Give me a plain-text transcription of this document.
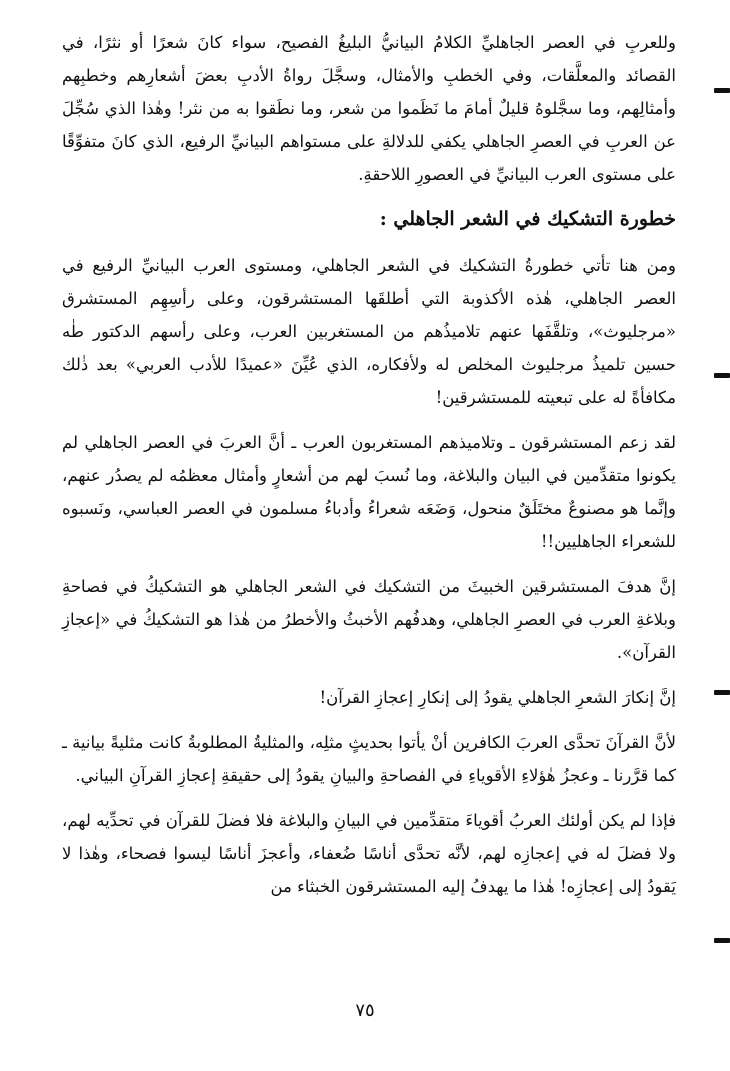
وللعربِ في العصر الجاهليِّ الكلامُ البيانيُّ البليغُ الفصيح، سواء كانَ شعرًا أو نثرًا، في القصائد والمعلَّقات، وفي الخطبِ والأمثال، وسجَّلَ رواةُ الأدبِ بعضَ أشعارِهم وخطبِهم وأمثالِهم، وما سجَّلوهُ قليلٌ أمامَ ما نَظَموا من شعر، وما نطَقوا به من نثر! وهٰذا الذي سُجِّلَ عن العربِ في العصرِ الجاهلي يكفي للدلالةِ على مستواهم البيانيِّ الرفيع، الذي كانَ متفوِّقًا على مستوى العرب البيانيِّ في العصورِ اللاحقةِ.

خطورة التشكيك في الشعر الجاهلي :

ومن هنا تأتي خطورةُ التشكيك في الشعر الجاهلي، ومستوى العرب البيانيِّ الرفيع في العصر الجاهلي، هٰذه الأكذوبة التي أطلقَها المستشرقون، وعلى رأسِهِم المستشرق «مرجليوث»، وتلقَّفَها عنهم تلاميذُهم من المستغربين العرب، وعلى رأسهم الدكتور طٰه حسين تلميذُ مرجليوث المخلص له ولأفكاره، الذي عُيِّنَ «عميدًا للأدب العربي» بعد ذٰلك مكافأةً له على تبعيته للمستشرقين!

لقد زعم المستشرقون ـ وتلاميذهم المستغربون العرب ـ أنَّ العربَ في العصر الجاهلي لم يكونوا متقدِّمين في البيان والبلاغة، وما نُسبَ لهم من أشعارٍ وأمثال معظمُه لم يصدُر عنهم، وإنَّما هو مصنوعٌ مختَلَقٌ منحول، وَضَعَه شعراءُ وأدباءُ مسلمون في العصر العباسي، ونَسبوه للشعراء الجاهليين!!

إنَّ هدفَ المستشرقين الخبيثَ من التشكيك في الشعر الجاهلي هو التشكيكُ في فصاحةِ وبلاغةِ العرب في العصرِ الجاهلي، وهدفُهم الأخبثُ والأخطرُ من هٰذا هو التشكيكُ في «إعجازِ القرآن».

إنَّ إنكارَ الشعرِ الجاهلي يقودُ إلى إنكارِ إعجازِ القرآن!

لأنَّ القرآنَ تحدَّى العربَ الكافرين أنْ يأتوا بحديثٍ مثلِه، والمثليةُ المطلوبةُ كانت مثليةً بيانية ـ كما قرَّرنا ـ وعجزُ هٰؤلاءِ الأقوياءِ في الفصاحةِ والبيانِ يقودُ إلى حقيقةِ إعجازِ القرآنِ البياني.

فإذا لم يكن أولئك العربُ أقوياءَ متقدِّمين في البيانِ والبلاغة فلا فضلَ للقرآن في تحدِّيه لهم، ولا فضلَ له في إعجازِه لهم، لأنَّه تحدَّى أناسًا ضُعفاء، وأعجزَ أناسًا ليسوا فصحاء، وهٰذا لا يَقودُ إلى إعجازِه! هٰذا ما يهدفُ إليه المستشرقون الخبثاء من

٧٥
